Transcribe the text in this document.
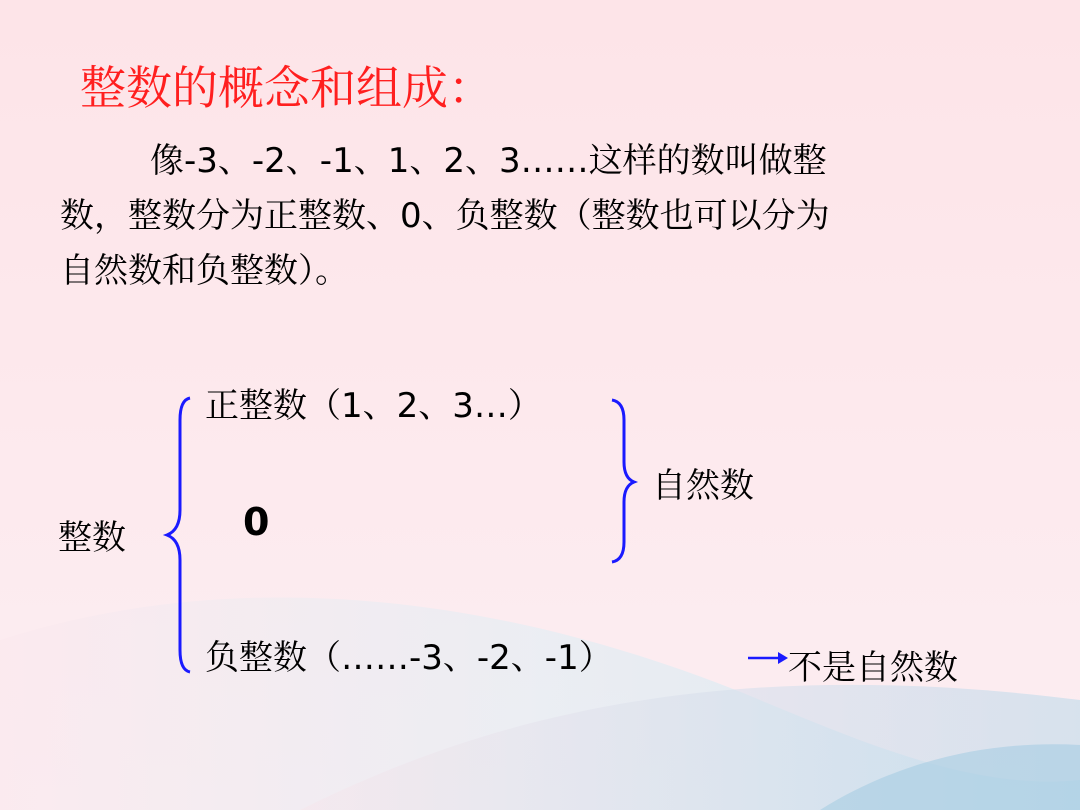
整数的概念和组成：
像-3、-2、-1、1、2、3……这样的数叫做整
数，整数分为正整数、0、负整数（整数也可以分为
自然数和负整数）。
正整数（1、2、3…）
0
负整数（……-3、-2、-1）
自然数
整数
不是自然数
